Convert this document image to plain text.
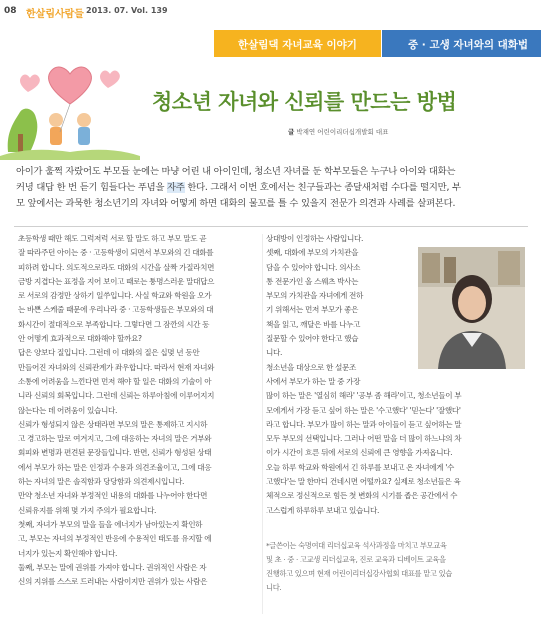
08 한살림사람들 2013. 07. Vol. 139
한살림댁 자녀교육 이야기	중 · 고생 자녀와의 대화법
청소년 자녀와 신뢰를 만드는 방법
글 박재연 어린이리더십개발회 대표
아이가 훌쩍 자랐어도 부모들 눈에는 마냥 어린 내 아이인데, 청소년 자녀를 둔 학부모들은 누구나 아이와 대화는
커녕 대답 한 번 듣기 힘들다는 푸념을 자주 한다. 그래서 이번 호에서는 친구들과는 종달새처럼 수다를 떨지만, 부
모 앞에서는 과묵한 청소년기의 자녀와 어떻게 하면 대화의 물꼬를 틀 수 있을지 전문가 의견과 사례를 살펴본다.

초등학생 때만 해도 그럭저럭 서로 할 말도 하고 부모 말도 곧

잘 따라주던 아이는 중 · 고등학생이 되면서 부모와의 긴 대화를

피하려 합니다. 의도적으로라도 대화의 시간을 살짝 가질라치면

금방 지겹다는 표정을 지어 보이고 때로는 퉁명스러운 말대답으

로 서로의 감정만 상하기 일쑤입니다. 사실 학교와 학원을 오가

는 바쁜 스케줄 때문에 우리나라 중 · 고등학생들은 부모와의 대

화시간이 절대적으로 부족합니다. 그렇다면 그 잠깐의 시간 동

안 어떻게 효과적으로 대화해야 할까요?

답은 양보다 질입니다. 그런데 이 대화의 질은 십몇 년 동안

만들어진 자녀와의 신뢰관계가 좌우합니다. 따라서 현재 자녀와

소통에 어려움을 느낀다면 먼저 해야 할 일은 대화의 기술이 아

니라 신뢰의 회복입니다. 그런데 신뢰는 하루아침에 이루어지지

않는다는 데 어려움이 있습니다.

신뢰가 형성되지 않은 상태라면 부모의 말은 통제하고 지시하

고 경고하는 말로 여겨지고, 그에 대응하는 자녀의 말은 거부와

회피와 변명과 편견된 문장들입니다. 반면, 신뢰가 형성된 상태

에서 부모가 하는 말은 인정과 수용과 의견조율이고, 그에 대응

하는 자녀의 말은 솔직함과 당당함과 의견제시입니다.

만약 청소년 자녀와 부정적인 내용의 대화를 나누어야 한다면

신뢰유지를 위해 몇 가지 주의가 필요합니다.

첫째, 자녀가 부모의 말을 들을 에너지가 남아있는지 확인하

고, 부모는 자녀의 부정적인 반응에 수용적인 태도를 유지할 에

너지가 있는지 확인해야 합니다.

둘째, 부모는 말에 권위를 가져야 합니다. 권위적인 사람은 자

신의 지위를 스스로 드러내는 사람이지만 권위가 있는 사람은

상대방이 인정하는 사람입니다.

셋째, 대화에 부모의 가치관을

담을 수 있어야 합니다. 의사소

통 전문가인 올 스웨츠 박사는

부모의 가치관을 자녀에게 전하

기 위해서는 먼저 부모가 좋은

책을 읽고, 깨달은 바를 나누고

질문할 수 있어야 한다고 했습

니다.

청소년을 대상으로 한 설문조

사에서 부모가 하는 말 중 가장

많이 하는 말은 '열심히 해라' '공부 좀 해라'이고, 청소년들이 부

모에게서 가장 듣고 싶어 하는 말은 '수고했다' '믿는다' '잘했다'

라고 합니다. 부모가 많이 하는 말과 아이들이 듣고 싶어하는 말

모두 부모의 선택입니다. 그러나 어떤 말을 더 많이 하느냐의 차

이가 시간이 흐른 뒤에 서로의 신뢰에 큰 영향을 가져옵니다.

오늘 하루 학교와 학원에서 긴 하루를 보내고 온 자녀에게 '수

고했다'는 말 한마디 건네시면 어떨까요? 실제로 청소년들은 육

체적으로 정신적으로 힘든 첫 변화의 시기를 좁은 공간에서 수

고스럽게 하루하루 보내고 있습니다.

*글쓴이는 숙명여대 리더십교육 석사과정을 마치고 부모교육

및 초 · 중 · 고교생 리더십교육, 진로 교육과 디베이트 교육을

진행하고 있으며 현재 어린이리더십강사협회 대표를 맡고 있습

니다.
